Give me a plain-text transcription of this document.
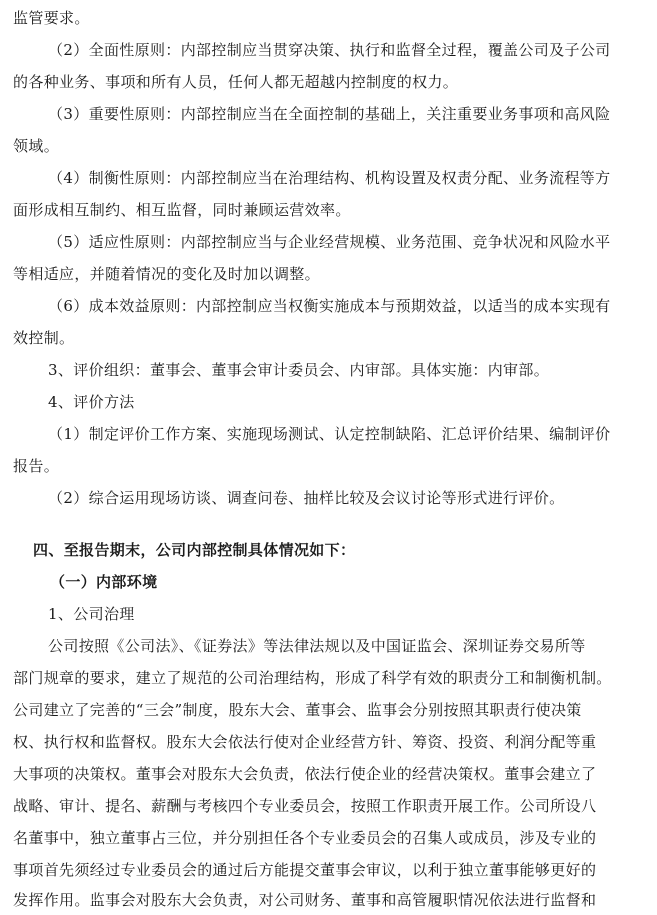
监管要求。
（2）全面性原则：内部控制应当贯穿决策、执行和监督全过程，覆盖公司及子公司
的各种业务、事项和所有人员，任何人都无超越内控制度的权力。
（3）重要性原则：内部控制应当在全面控制的基础上，关注重要业务事项和高风险
领域。
（4）制衡性原则：内部控制应当在治理结构、机构设置及权责分配、业务流程等方
面形成相互制约、相互监督，同时兼顾运营效率。
（5）适应性原则：内部控制应当与企业经营规模、业务范围、竞争状况和风险水平
等相适应，并随着情况的变化及时加以调整。
（6）成本效益原则：内部控制应当权衡实施成本与预期效益，以适当的成本实现有
效控制。
3、评价组织：董事会、董事会审计委员会、内审部。具体实施：内审部。
4、评价方法
（1）制定评价工作方案、实施现场测试、认定控制缺陷、汇总评价结果、编制评价
报告。
（2）综合运用现场访谈、调查问卷、抽样比较及会议讨论等形式进行评价。
四、至报告期末，公司内部控制具体情况如下：
（一）内部环境
1、公司治理
公司按照《公司法》、《证券法》等法律法规以及中国证监会、深圳证券交易所等
部门规章的要求，建立了规范的公司治理结构，形成了科学有效的职责分工和制衡机制。
公司建立了完善的“三会”制度，股东大会、董事会、监事会分别按照其职责行使决策
权、执行权和监督权。股东大会依法行使对企业经营方针、筹资、投资、利润分配等重
大事项的决策权。董事会对股东大会负责，依法行使企业的经营决策权。董事会建立了
战略、审计、提名、薪酬与考核四个专业委员会，按照工作职责开展工作。公司所设八
名董事中，独立董事占三位，并分别担任各个专业委员会的召集人或成员，涉及专业的
事项首先须经过专业委员会的通过后方能提交董事会审议，以利于独立董事能够更好的
发挥作用。监事会对股东大会负责，对公司财务、董事和高管履职情况依法进行监督和
